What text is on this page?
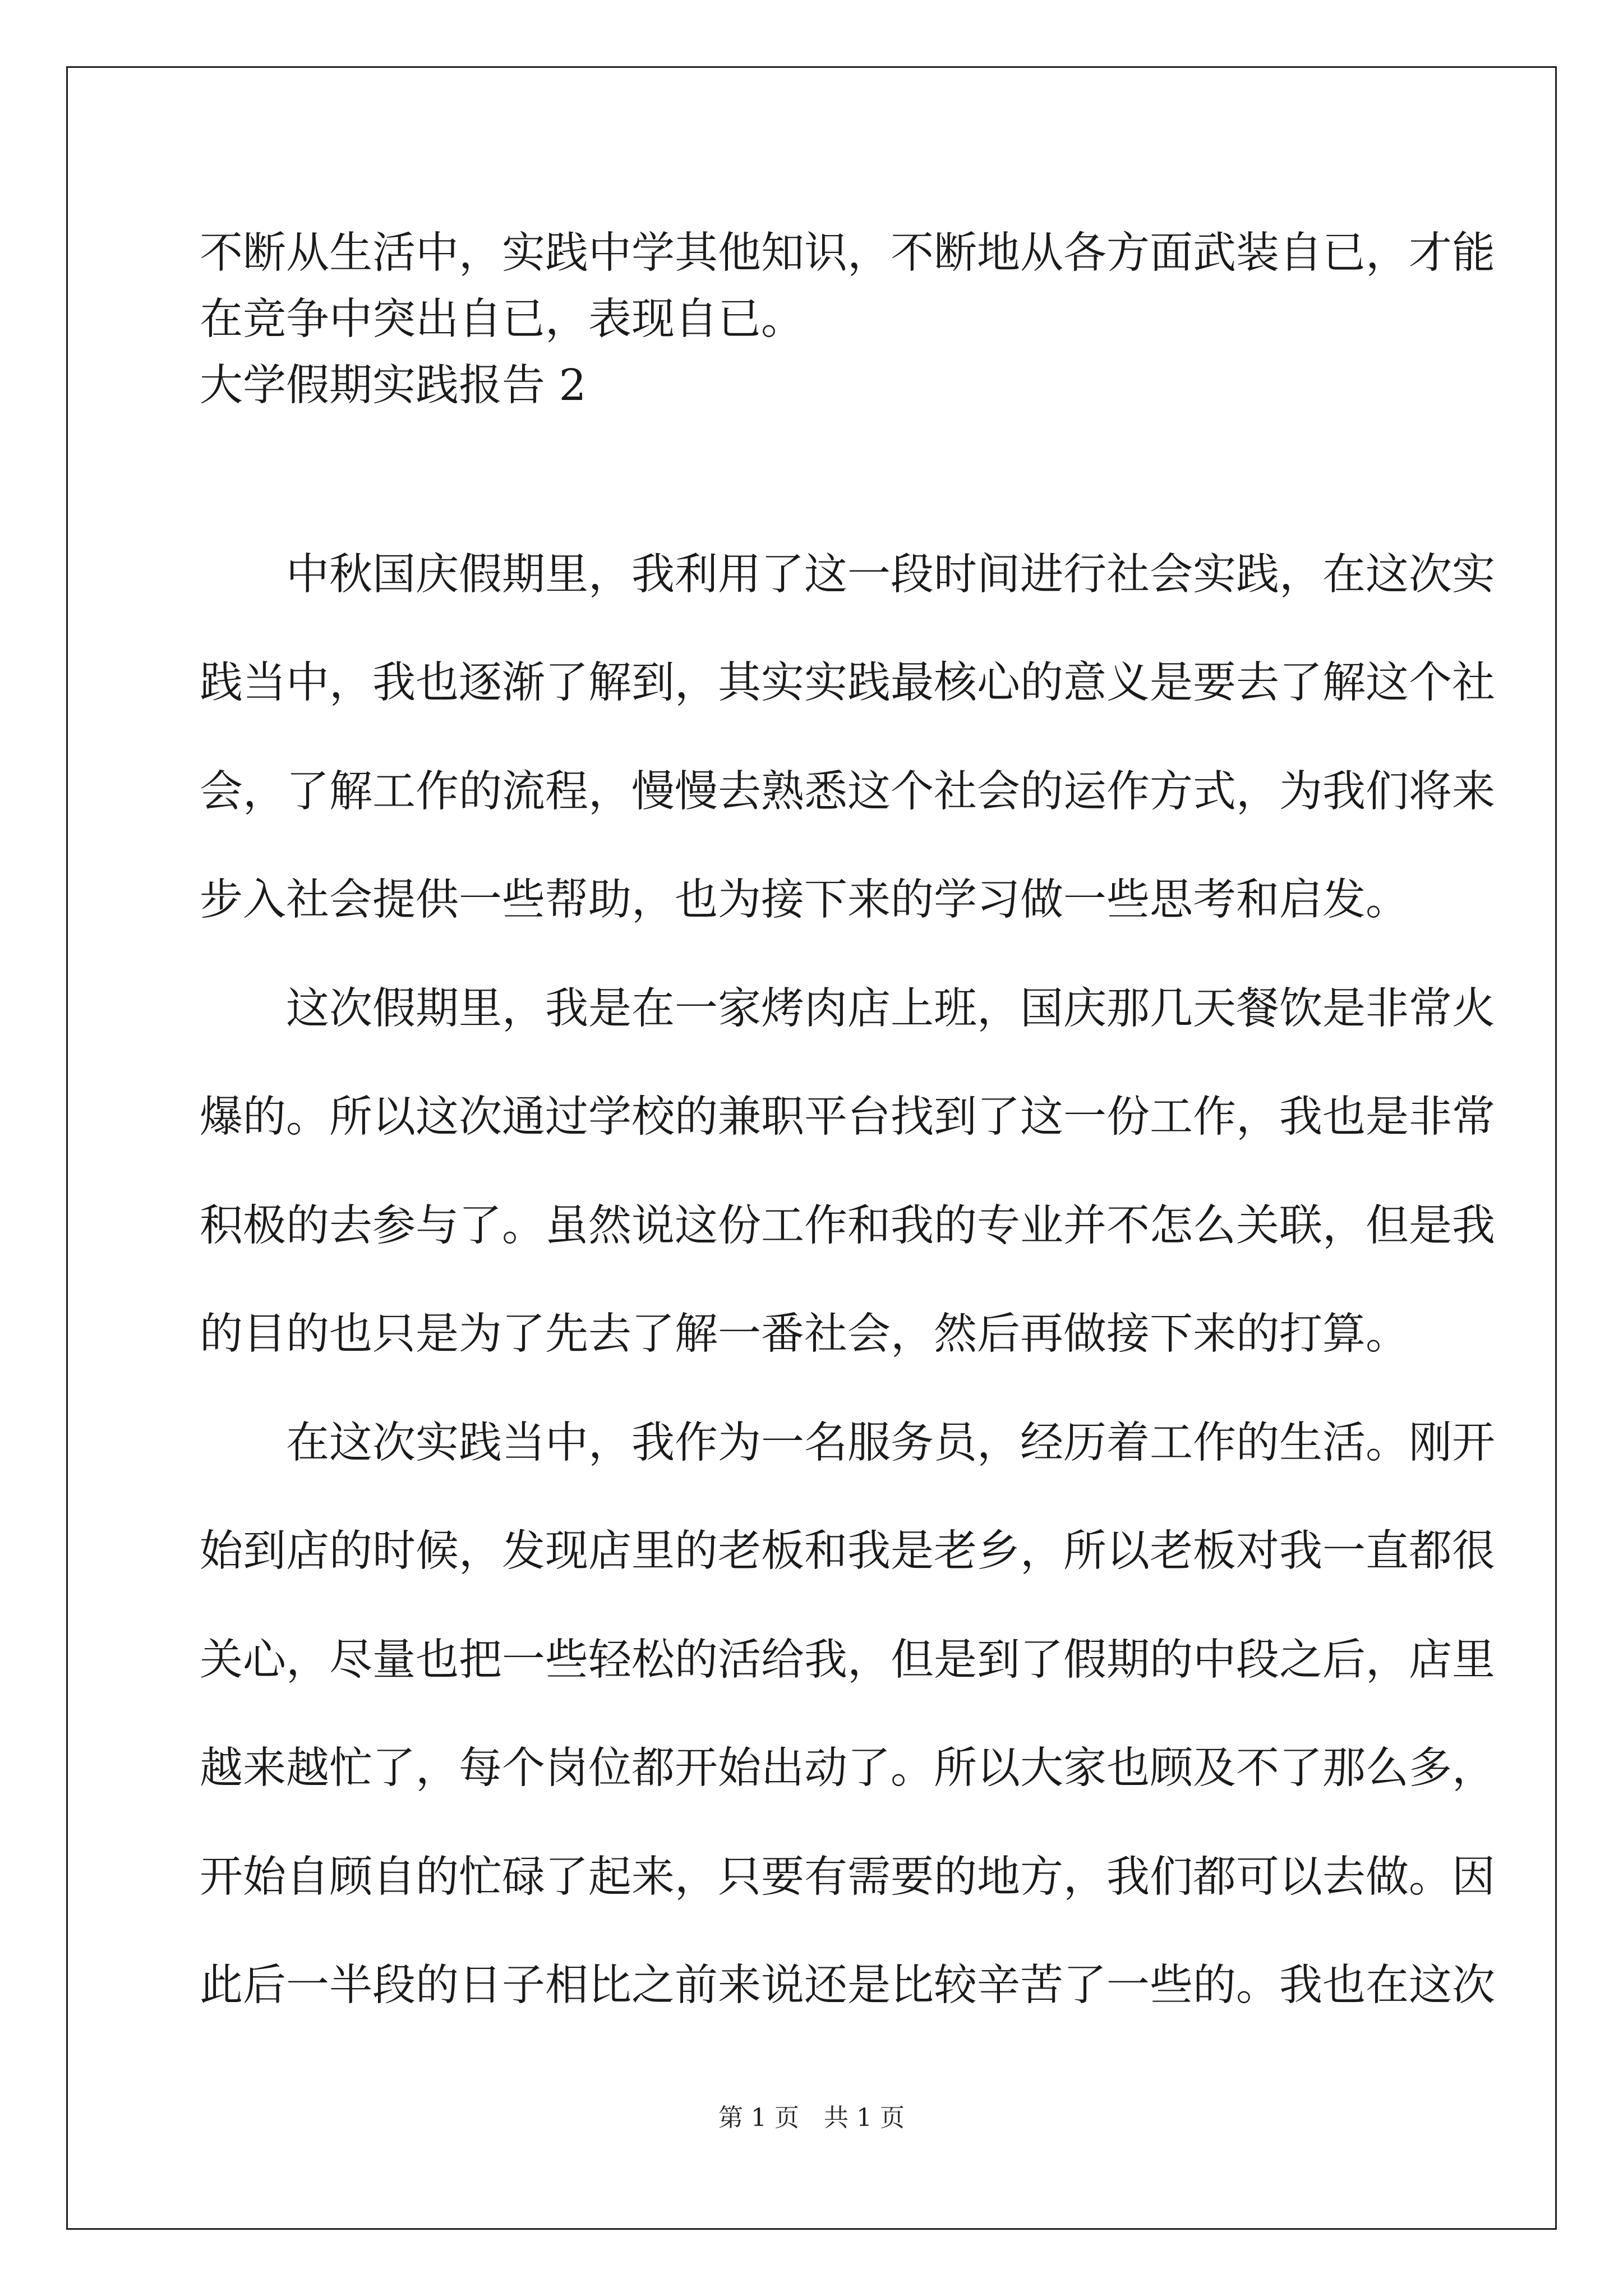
不断从生活中，实践中学其他知识，不断地从各方面武装自已，才能
在竞争中突出自已，表现自已。
大学假期实践报告 2
　　中秋国庆假期里，我利用了这一段时间进行社会实践，在这次实
践当中，我也逐渐了解到，其实实践最核心的意义是要去了解这个社
会，了解工作的流程，慢慢去熟悉这个社会的运作方式，为我们将来
步入社会提供一些帮助，也为接下来的学习做一些思考和启发。
　　这次假期里，我是在一家烤肉店上班，国庆那几天餐饮是非常火
爆的。所以这次通过学校的兼职平台找到了这一份工作，我也是非常
积极的去参与了。虽然说这份工作和我的专业并不怎么关联，但是我
的目的也只是为了先去了解一番社会，然后再做接下来的打算。
　　在这次实践当中，我作为一名服务员，经历着工作的生活。刚开
始到店的时候，发现店里的老板和我是老乡，所以老板对我一直都很
关心，尽量也把一些轻松的活给我，但是到了假期的中段之后，店里
越来越忙了，每个岗位都开始出动了。所以大家也顾及不了那么多，
开始自顾自的忙碌了起来，只要有需要的地方，我们都可以去做。因
此后一半段的日子相比之前来说还是比较辛苦了一些的。我也在这次
第 1 页　共 1 页
